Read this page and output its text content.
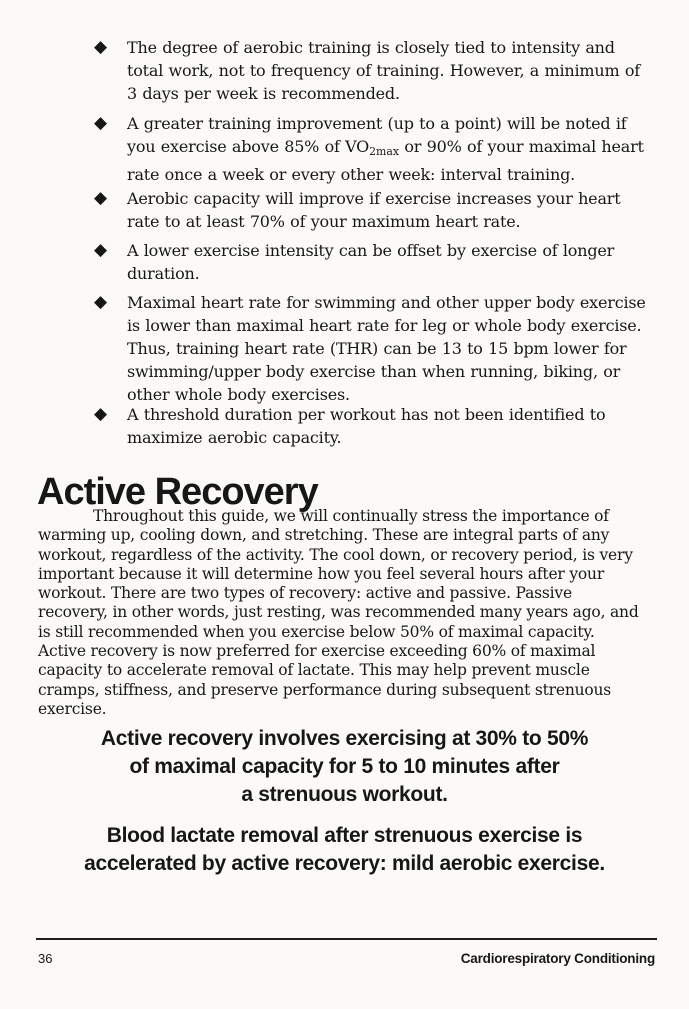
◆	The degree of aerobic training is closely tied to intensity and
total work, not to frequency of training. However, a minimum of
3 days per week is recommended.
◆	A greater training improvement (up to a point) will be noted if
you exercise above 85% of $VO_{2max}$ or 90% of your maximal heart
rate once a week or every other week: interval training.
◆	Aerobic capacity will improve if exercise increases your heart
rate to at least 70% of your maximum heart rate.
◆	A lower exercise intensity can be offset by exercise of longer
duration.
◆	Maximal heart rate for swimming and other upper body exercise
is lower than maximal heart rate for leg or whole body exercise.
Thus, training heart rate (THR) can be 13 to 15 bpm lower for
swimming/upper body exercise than when running, biking, or
other whole body exercises.
◆	A threshold duration per workout has not been identified to
maximize aerobic capacity.
Active Recovery
Throughout this guide, we will continually stress the importance of
warming up, cooling down, and stretching. These are integral parts of any
workout, regardless of the activity. The cool down, or recovery period, is very
important because it will determine how you feel several hours after your
workout. There are two types of recovery: active and passive. Passive
recovery, in other words, just resting, was recommended many years ago, and
is still recommended when you exercise below 50% of maximal capacity.
Active recovery is now preferred for exercise exceeding 60% of maximal
capacity to accelerate removal of lactate. This may help prevent muscle
cramps, stiffness, and preserve performance during subsequent strenuous
exercise.
Active recovery involves exercising at 30% to 50%
of maximal capacity for 5 to 10 minutes after
a strenuous workout.
Blood lactate removal after strenuous exercise is
accelerated by active recovery: mild aerobic exercise.
36	Cardiorespiratory Conditioning
